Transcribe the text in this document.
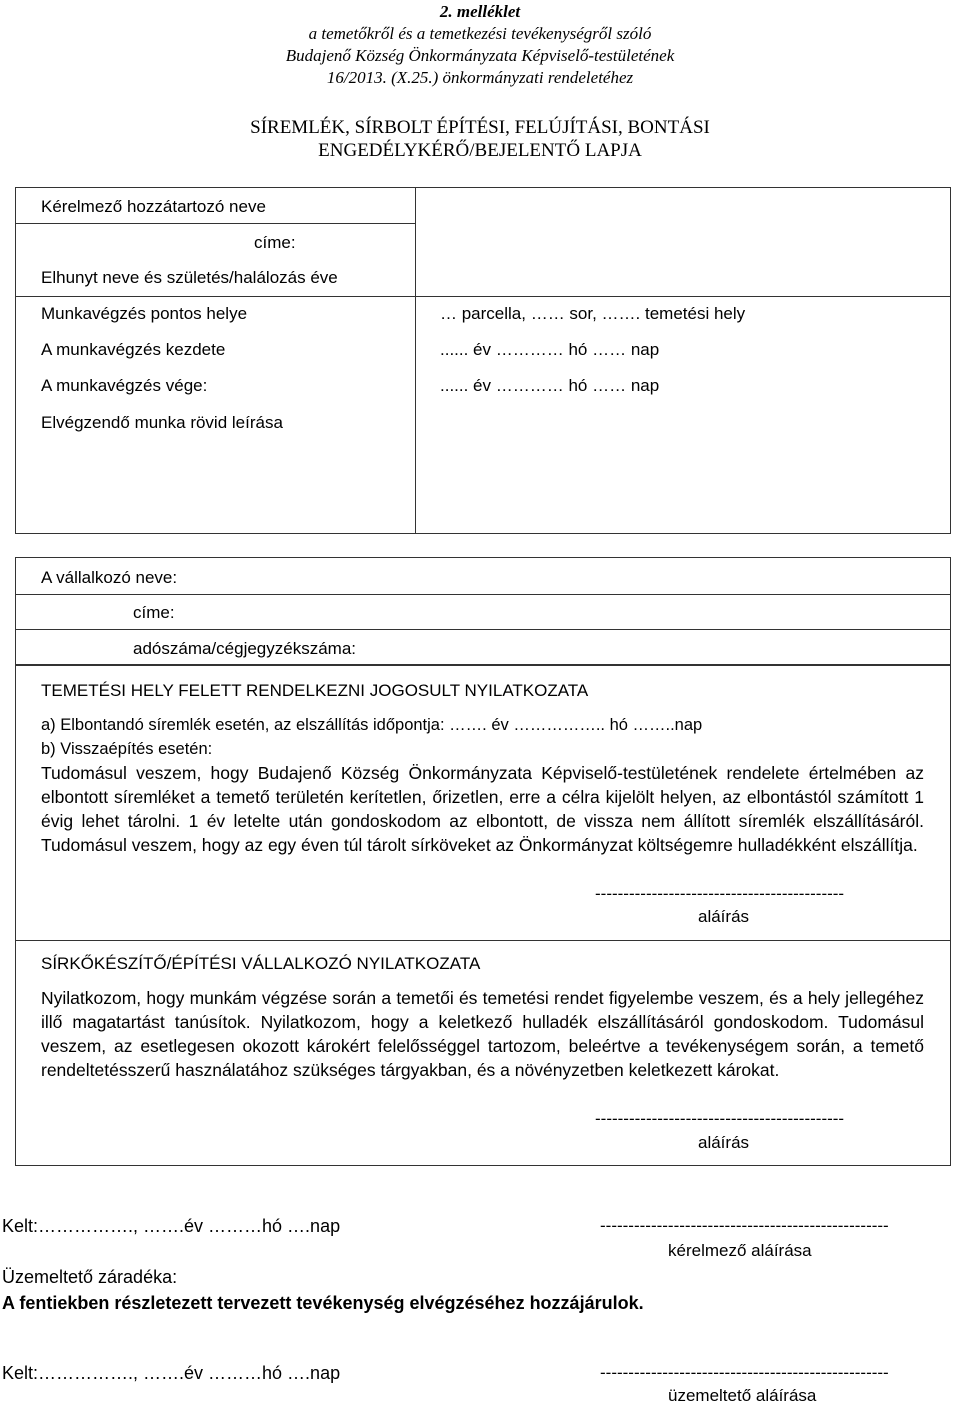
2. melléklet
a temetőkről és a temetkezési tevékenységről szóló
Budajenő Község Önkormányzata Képviselő-testületének
16/2013. (X.25.) önkormányzati rendeletéhez
SÍREMLÉK, SÍRBOLT ÉPÍTÉSI, FELÚJÍTÁSI, BONTÁSI
ENGEDÉLYKÉRŐ/BEJELENTŐ LAPJA
Kérelmező hozzátartozó neve
címe:
Elhunyt neve és születés/halálozás éve
Munkavégzés pontos helye
A munkavégzés kezdete
A munkavégzés vége:
Elvégzendő munka rövid leírása
… parcella, …… sor, ……. temetési hely
...... év ………… hó …… nap
...... év ………… hó …… nap
A vállalkozó neve:
címe:
adószáma/cégjegyzékszáma:
TEMETÉSI HELY FELETT RENDELKEZNI JOGOSULT NYILATKOZATA
a) Elbontandó síremlék esetén, az elszállítás időpontja: ……. év …………….. hó ……..nap
b) Visszaépítés esetén:
Tudomásul veszem, hogy Budajenő Község Önkormányzata Képviselő-testületének rendelete értelmében az elbontott síremléket a temető területén kerítetlen, őrizetlen, erre a célra kijelölt helyen, az elbontástól számított 1 évig lehet tárolni. 1 év letelte után gondoskodom az elbontott, de vissza nem állított síremlék elszállításáról. Tudomásul veszem, hogy az egy éven túl tárolt sírköveket az Önkormányzat költségemre hulladékként elszállítja.
--------------------------------------------
aláírás
SÍRKŐKÉSZÍTŐ/ÉPÍTÉSI VÁLLALKOZÓ NYILATKOZATA
Nyilatkozom, hogy munkám végzése során a temetői és temetési rendet figyelembe veszem, és a hely jellegéhez illő magatartást tanúsítok. Nyilatkozom, hogy a keletkező hulladék elszállításáról gondoskodom. Tudomásul veszem, az esetlegesen okozott károkért felelősséggel tartozom, beleértve a tevékenységem során, a temető rendeltetésszerű használatához szükséges tárgyakban, és a növényzetben keletkezett károkat.
--------------------------------------------
aláírás
Kelt:……………., …….év ………hó ….nap	---------------------------------------------------
kérelmező aláírása
Üzemeltető záradéka:
A fentiekben részletezett tervezett tevékenység elvégzéséhez hozzájárulok.
Kelt:……………., …….év ………hó ….nap	---------------------------------------------------
üzemeltető aláírása
